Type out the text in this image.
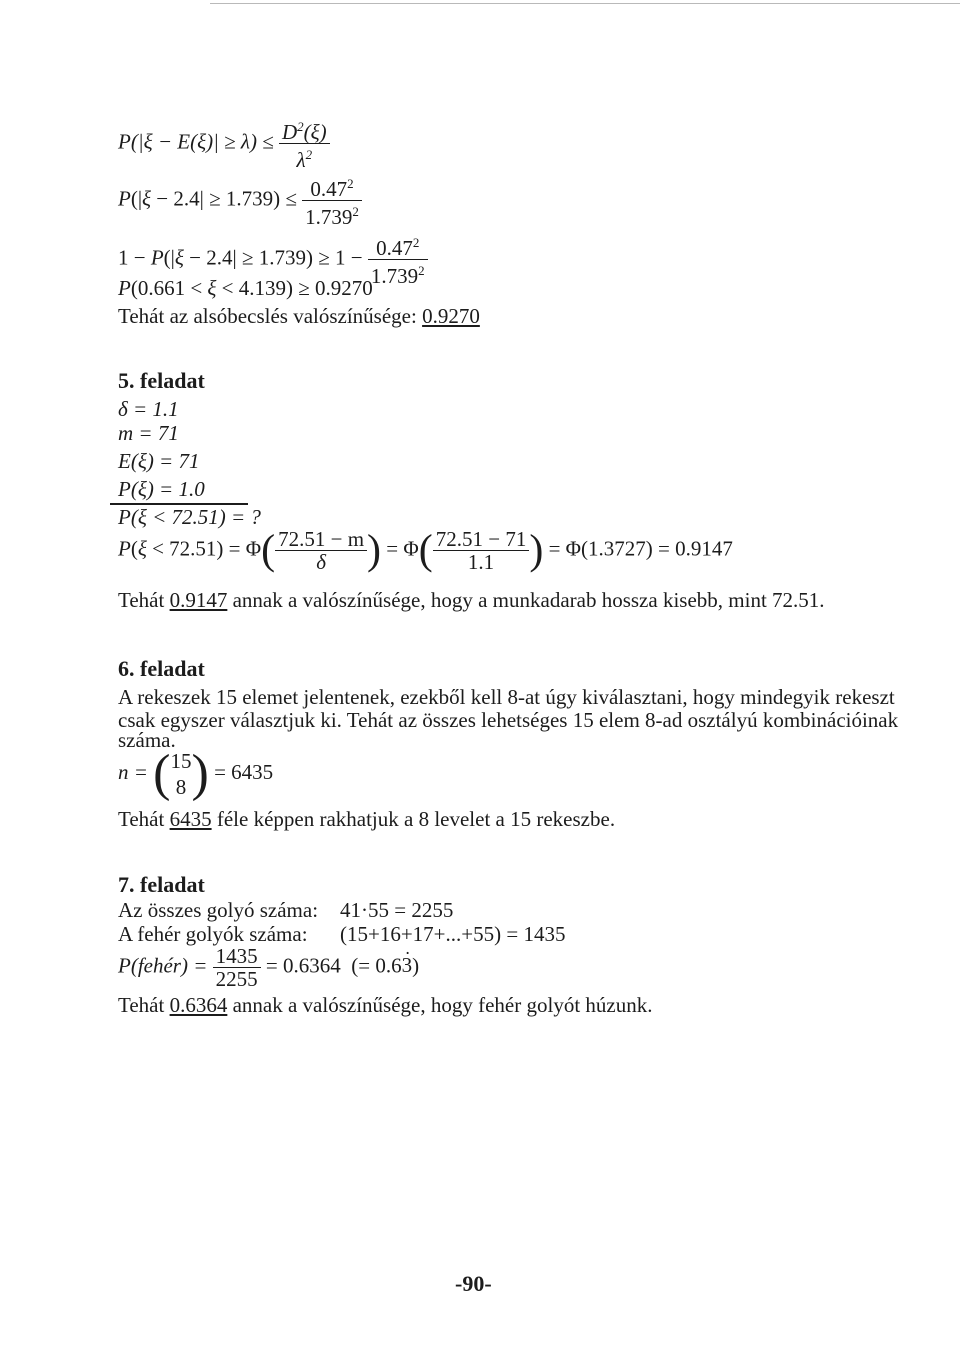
$P(|\xi - E(\xi)| \ge \lambda) \le \frac{D^2(\xi)}{\lambda^2}$
$P(|\xi - 2.4| \ge 1.739) \le \frac{0.47^2}{1.739^2}$
$1 - P(|\xi - 2.4| \ge 1.739) \ge 1 - \frac{0.47^2}{1.739^2}$
P(0.661 < ξ < 4.139) ≥ 0.9270
Tehát az alsóbecslés valószínűsége: 0.9270
5. feladat
δ = 1.1
m = 71
E(ξ) = 71
P(ξ) = 1.0
P(ξ < 72.51) = ?
$P(\xi < 72.51) = \Phi( \frac{72.51 - m}{\delta}$ ) = $\Phi( \frac{72.51 - 71}{1.1}$ ) = Φ(1.3727) = 0.9147
Tehát 0.9147 annak a valószínűsége, hogy a munkadarab hossza kisebb, mint 72.51.
6. feladat
A rekeszek 15 elemet jelentenek, ezekből kell 8-at úgy kiválasztani, hogy mindegyik rekeszt
csak egyszer választjuk ki. Tehát az összes lehetséges 15 elem 8-ad osztályú kombinációinak
száma.
n = ( 15
8 ) = 6435
Tehát 6435 féle képpen rakhatjuk a 8 levelet a 15 rekeszbe.
7. feladat
Az összes golyó száma: 41·55 = 2255
A fehér golyók száma: (15+16+17+...+55) = 1435
P(fehér) = $\frac{1435}{2255} = 0.6364$ (= 0.63 ·)
Tehát 0.6364 annak a valószínűsége, hogy fehér golyót húzunk.
-90-
